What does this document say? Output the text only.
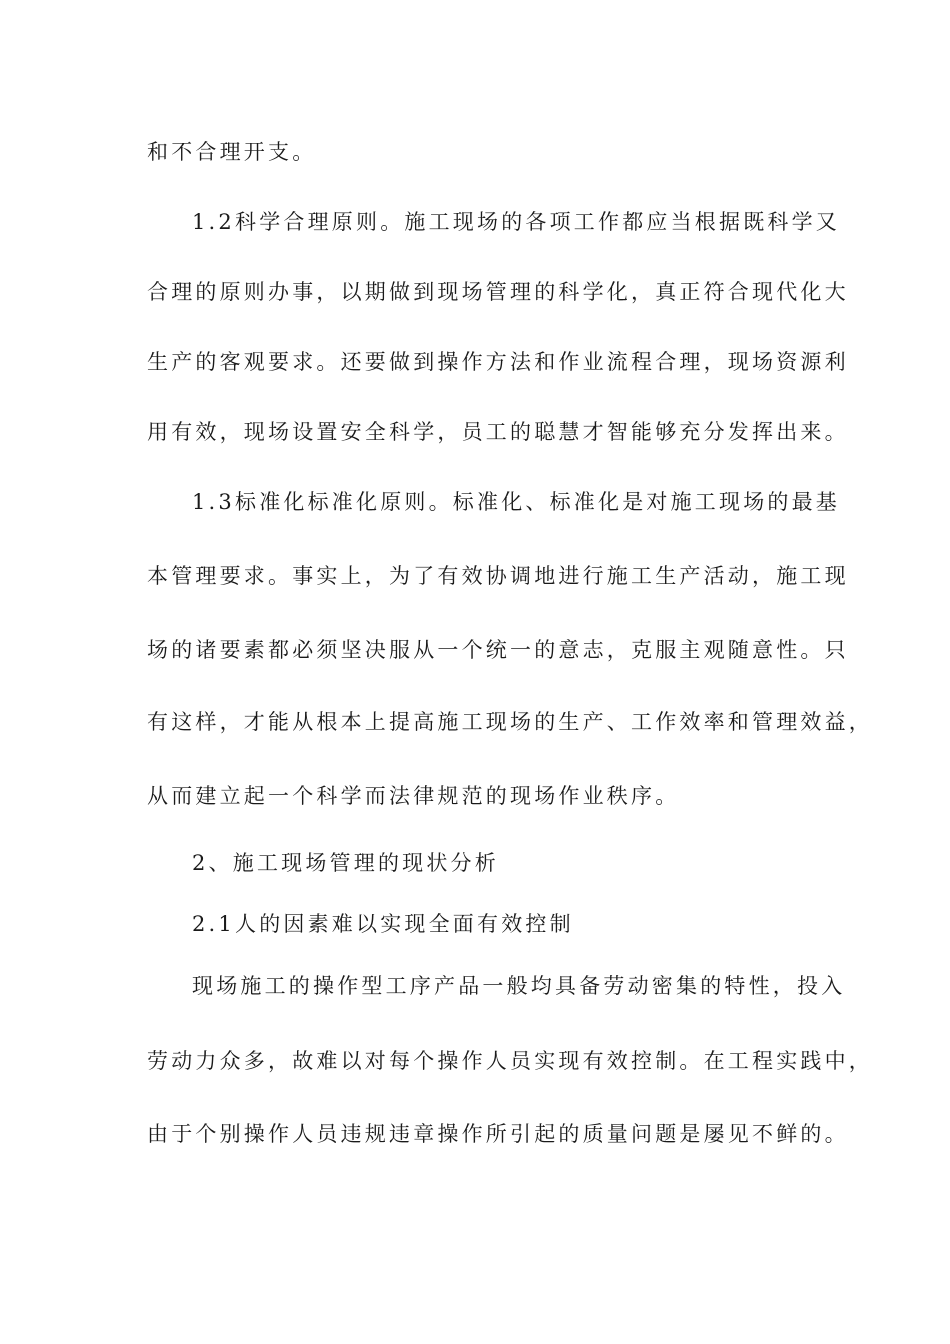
和不合理开支。
1.2科学合理原则。施工现场的各项工作都应当根据既科学又
合理的原则办事，以期做到现场管理的科学化，真正符合现代化大
生产的客观要求。还要做到操作方法和作业流程合理，现场资源利
用有效，现场设置安全科学，员工的聪慧才智能够充分发挥出来。
1.3标准化标准化原则。标准化、标准化是对施工现场的最基
本管理要求。事实上，为了有效协调地进行施工生产活动，施工现
场的诸要素都必须坚决服从一个统一的意志，克服主观随意性。只
有这样，才能从根本上提高施工现场的生产、工作效率和管理效益，
从而建立起一个科学而法律规范的现场作业秩序。
2、施工现场管理的现状分析
2.1人的因素难以实现全面有效控制
现场施工的操作型工序产品一般均具备劳动密集的特性，投入
劳动力众多，故难以对每个操作人员实现有效控制。在工程实践中，
由于个别操作人员违规违章操作所引起的质量问题是屡见不鲜的。
